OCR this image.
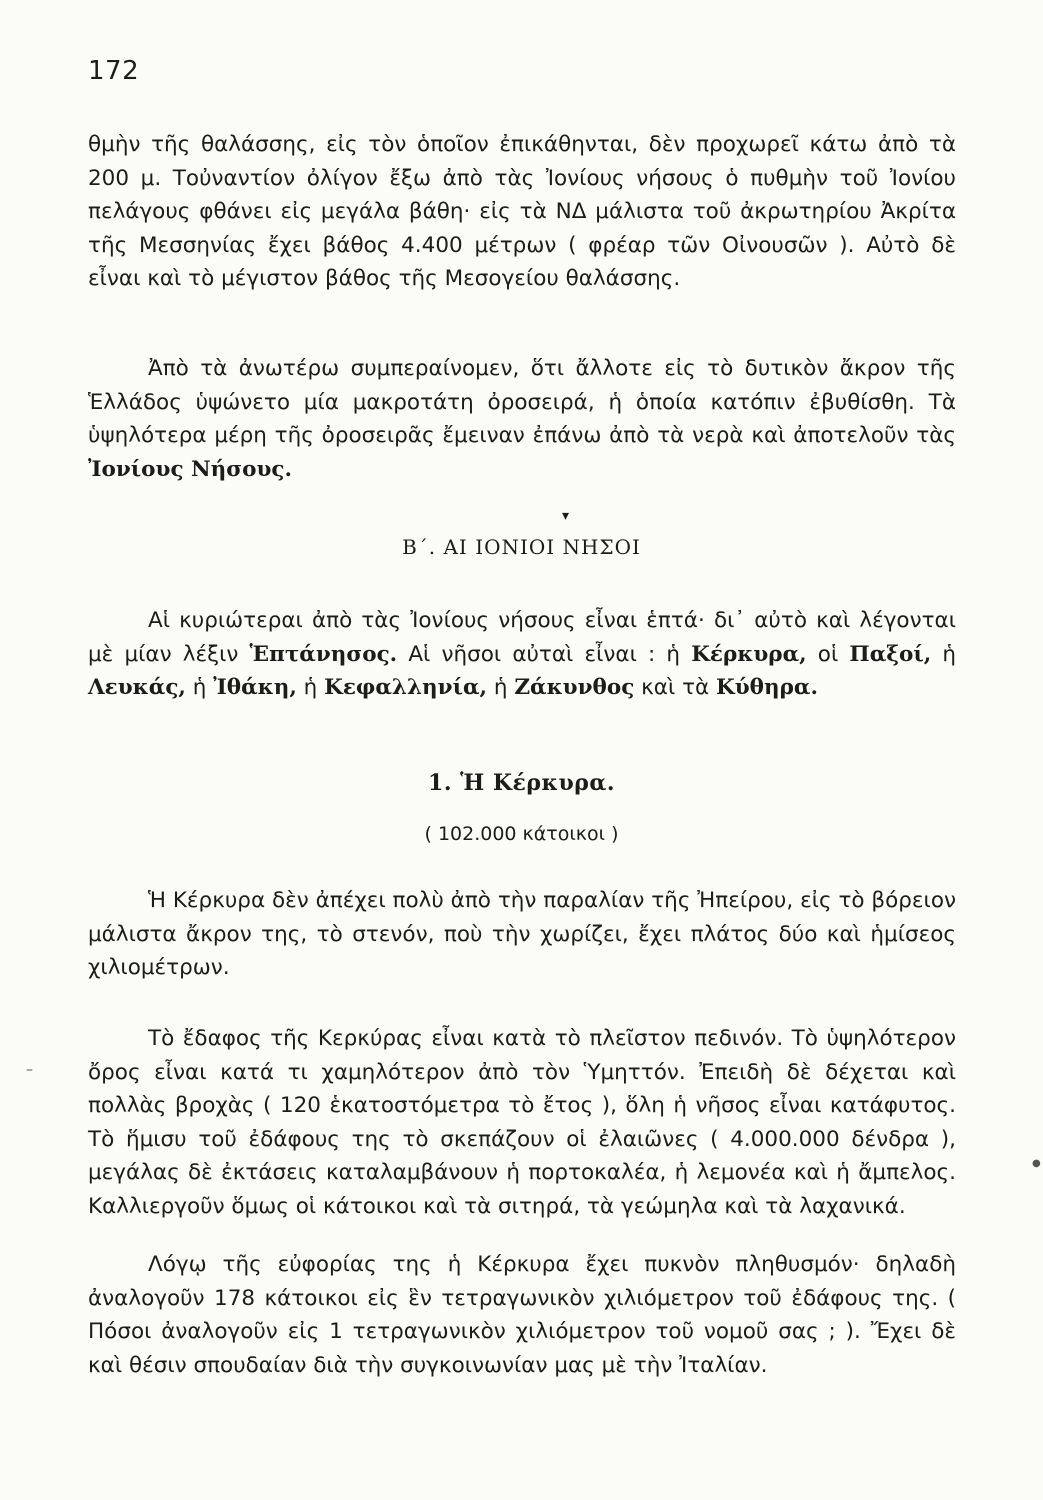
172

θμὴν τῆς θαλάσσης, εἰς τὸν ὁποῖον ἐπικάθηνται, δὲν προχωρεῖ κάτω ἀπὸ τὰ 200 μ. Τοὐναντίον ὀλίγον ἔξω ἀπὸ τὰς Ἰονίους νήσους ὁ πυθμὴν τοῦ Ἰονίου πελάγους φθάνει εἰς μεγάλα βάθη· εἰς τὰ ΝΔ μάλιστα τοῦ ἀκρωτηρίου Ἀκρίτα τῆς Μεσσηνίας ἔχει βάθος 4.400 μέτρων ( φρέαρ τῶν Οἰνουσῶν ). Αὐτὸ δὲ εἶναι καὶ τὸ μέγιστον βάθος τῆς Μεσογείου θαλάσσης.

Ἀπὸ τὰ ἀνωτέρω συμπεραίνομεν, ὅτι ἄλλοτε εἰς τὸ δυτικὸν ἄκρον τῆς Ἑλλάδος ὑψώνετο μία μακροτάτη ὀροσειρά, ἡ ὁποία κατόπιν ἐβυθίσθη. Τὰ ὑψηλότερα μέρη τῆς ὀροσειρᾶς ἔμειναν ἐπάνω ἀπὸ τὰ νερὰ καὶ ἀποτελοῦν τὰς Ἰονίους Νήσους.

▾
Β΄. ΑΙ ΙΟΝΙΟΙ ΝΗΣΟΙ

Αἱ κυριώτεραι ἀπὸ τὰς Ἰονίους νήσους εἶναι ἑπτά· δι᾽ αὐτὸ καὶ λέγονται μὲ μίαν λέξιν Ἑπτάνησος. Αἱ νῆσοι αὐταὶ εἶναι : ἡ Κέρκυρα, οἱ Παξοί, ἡ Λευκάς, ἡ Ἰθάκη, ἡ Κεφαλληνία, ἡ Ζάκυνθος καὶ τὰ Κύθηρα.

1. Ἡ Κέρκυρα.
( 102.000 κάτοικοι )

Ἡ Κέρκυρα δὲν ἀπέχει πολὺ ἀπὸ τὴν παραλίαν τῆς Ἠπείρου, εἰς τὸ βόρειον μάλιστα ἄκρον της, τὸ στενόν, ποὺ τὴν χωρίζει, ἔχει πλάτος δύο καὶ ἡμίσεος χιλιομέτρων.

Τὸ ἔδαφος τῆς Κερκύρας εἶναι κατὰ τὸ πλεῖστον πεδινόν. Τὸ ὑψηλότερον ὄρος εἶναι κατά τι χαμηλότερον ἀπὸ τὸν Ὑμηττόν. Ἐπειδὴ δὲ δέχεται καὶ πολλὰς βροχὰς ( 120 ἑκατοστόμετρα τὸ ἔτος ), ὅλη ἡ νῆσος εἶναι κατάφυτος. Τὸ ἥμισυ τοῦ ἐδάφους της τὸ σκεπάζουν οἱ ἐλαιῶνες ( 4.000.000 δένδρα ), μεγάλας δὲ ἐκτάσεις καταλαμβάνουν ἡ πορτοκαλέα, ἡ λεμονέα καὶ ἡ ἄμπελος. Καλλιεργοῦν ὅμως οἱ κάτοικοι καὶ τὰ σιτηρά, τὰ γεώμηλα καὶ τὰ λαχανικά.

Λόγῳ τῆς εὐφορίας της ἡ Κέρκυρα ἔχει πυκνὸν πληθυσμόν· δηλαδὴ ἀναλογοῦν 178 κάτοικοι εἰς ἓν τετραγωνικὸν χιλιόμετρον τοῦ ἐδάφους της. ( Πόσοι ἀναλογοῦν εἰς 1 τετραγωνικὸν χιλιόμετρον τοῦ νομοῦ σας ; ). Ἔχει δὲ καὶ θέσιν σπουδαίαν διὰ τὴν συγκοινωνίαν μας μὲ τὴν Ἰταλίαν.

–
●
